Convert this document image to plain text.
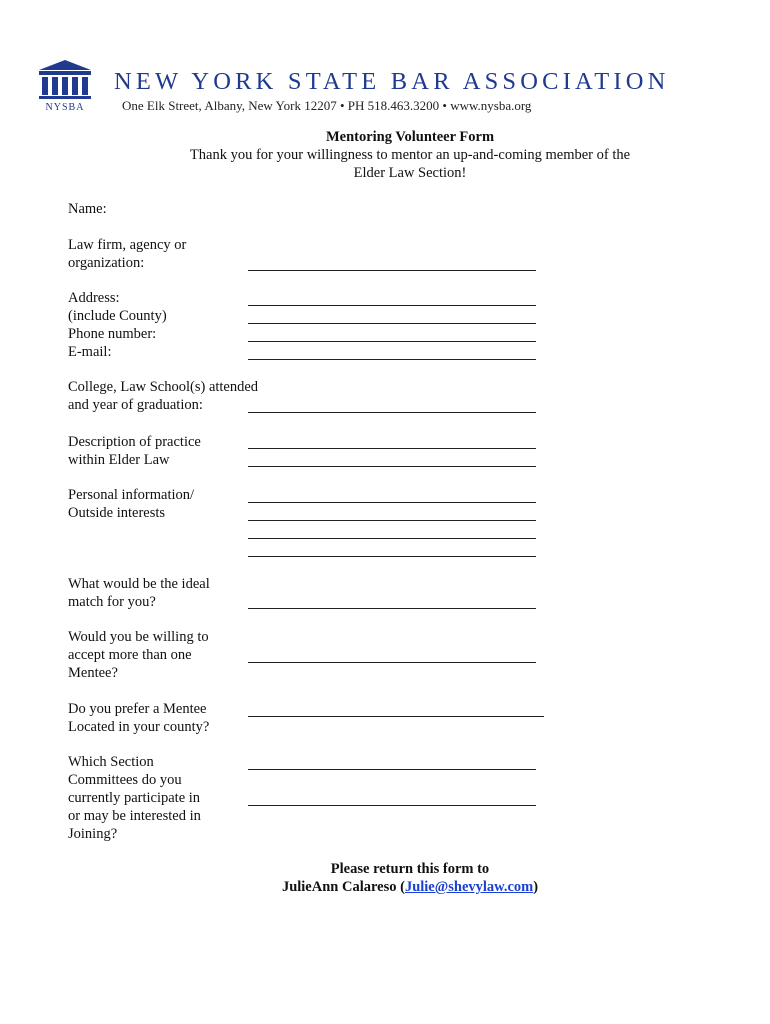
NYSBA
NEW YORK STATE BAR ASSOCIATION
One Elk Street, Albany, New York 12207 • PH 518.463.3200 • www.nysba.org
Mentoring Volunteer Form
Thank you for your willingness to mentor an up-and-coming member of the
Elder Law Section!
Name:
Law firm, agency or
organization:
Address:
(include County)
Phone number:
E-mail:
College, Law School(s) attended
and year of graduation:
Description of practice
within Elder Law
Personal information/
Outside interests
What would be the ideal
match for you?
Would you be willing to
accept more than one
Mentee?
Do you prefer a Mentee
Located in your county?
Which Section
Committees do you
currently participate in
or may be interested in
Joining?
Please return this form to
JulieAnn Calareso (Julie@shevylaw.com)
